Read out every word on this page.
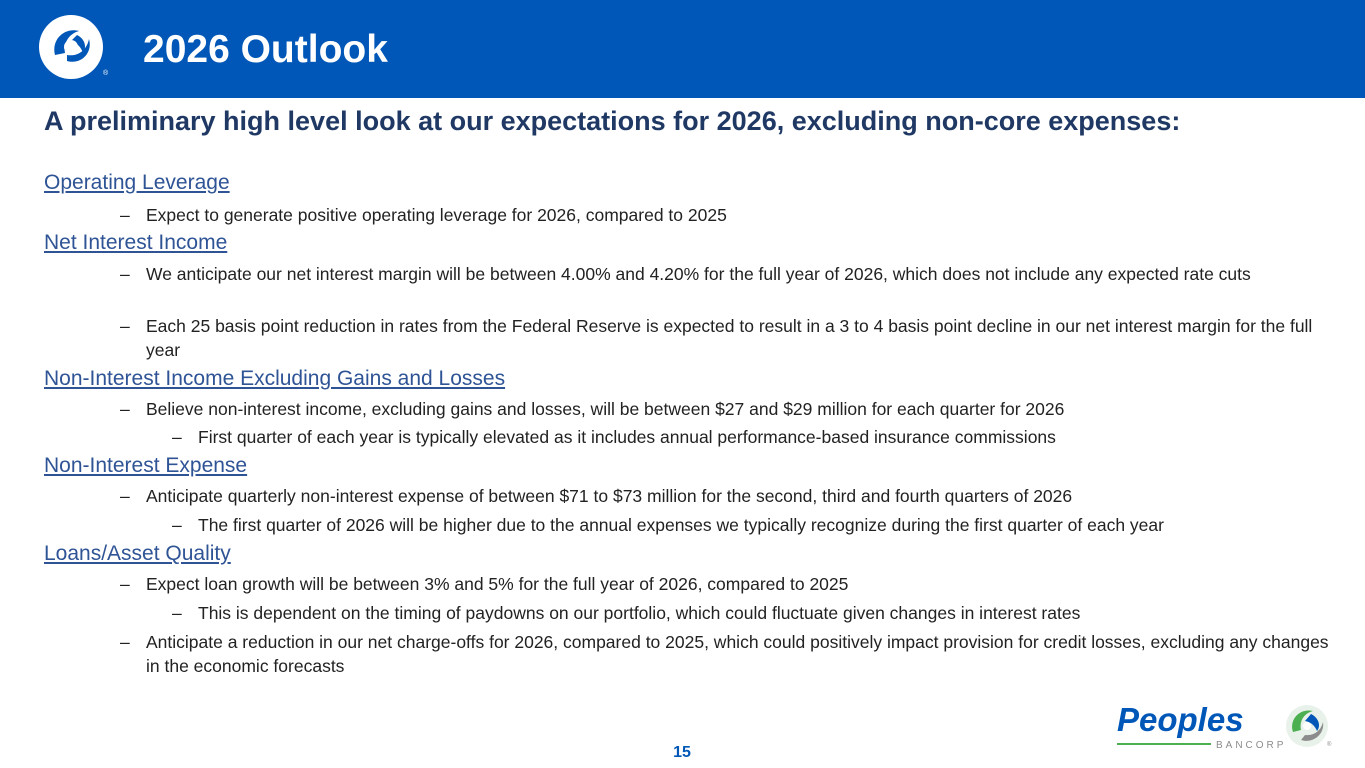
®
2026 Outlook
A preliminary high level look at our expectations for 2026, excluding non-core expenses:
Operating Leverage
– Expect to generate positive operating leverage for 2026, compared to 2025
Net Interest Income
– We anticipate our net interest margin will be between 4.00% and 4.20% for the full year of 2026, which does not include any expected rate cuts
– Each 25 basis point reduction in rates from the Federal Reserve is expected to result in a 3 to 4 basis point decline in our net interest margin for the full year
Non-Interest Income Excluding Gains and Losses
– Believe non-interest income, excluding gains and losses, will be between $27 and $29 million for each quarter for 2026
– First quarter of each year is typically elevated as it includes annual performance-based insurance commissions
Non-Interest Expense
– Anticipate quarterly non-interest expense of between $71 to $73 million for the second, third and fourth quarters of 2026
– The first quarter of 2026 will be higher due to the annual expenses we typically recognize during the first quarter of each year
Loans/Asset Quality
– Expect loan growth will be between 3% and 5% for the full year of 2026, compared to 2025
– This is dependent on the timing of paydowns on our portfolio, which could fluctuate given changes in interest rates
– Anticipate a reduction in our net charge-offs for 2026, compared to 2025, which could positively impact provision for credit losses, excluding any changes in the economic forecasts
15
Peoples
BANCORP	®
